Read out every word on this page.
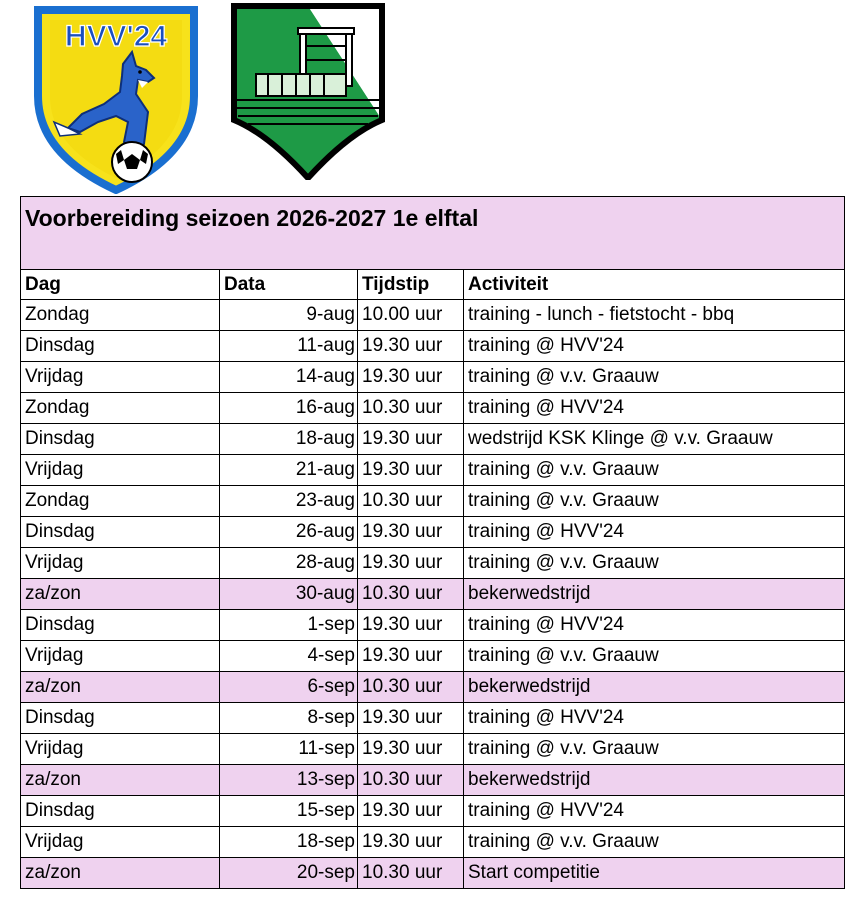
HVV'24
Voorbereiding seizoen 2026-2027 1e elftal			
Dag	Data	Tijdstip	Activiteit
Zondag	9-aug	10.00 uur	training - lunch - fietstocht - bbq
Dinsdag	11-aug	19.30 uur	training @ HVV'24
Vrijdag	14-aug	19.30 uur	training @ v.v. Graauw
Zondag	16-aug	10.30 uur	training @ HVV'24
Dinsdag	18-aug	19.30 uur	wedstrijd KSK Klinge @ v.v. Graauw
Vrijdag	21-aug	19.30 uur	training @ v.v. Graauw
Zondag	23-aug	10.30 uur	training @ v.v. Graauw
Dinsdag	26-aug	19.30 uur	training @ HVV'24
Vrijdag	28-aug	19.30 uur	training @ v.v. Graauw
za/zon	30-aug	10.30 uur	bekerwedstrijd
Dinsdag	1-sep	19.30 uur	training @ HVV'24
Vrijdag	4-sep	19.30 uur	training @ v.v. Graauw
za/zon	6-sep	10.30 uur	bekerwedstrijd
Dinsdag	8-sep	19.30 uur	training @ HVV'24
Vrijdag	11-sep	19.30 uur	training @ v.v. Graauw
za/zon	13-sep	10.30 uur	bekerwedstrijd
Dinsdag	15-sep	19.30 uur	training @ HVV'24
Vrijdag	18-sep	19.30 uur	training @ v.v. Graauw
za/zon	20-sep	10.30 uur	Start competitie
